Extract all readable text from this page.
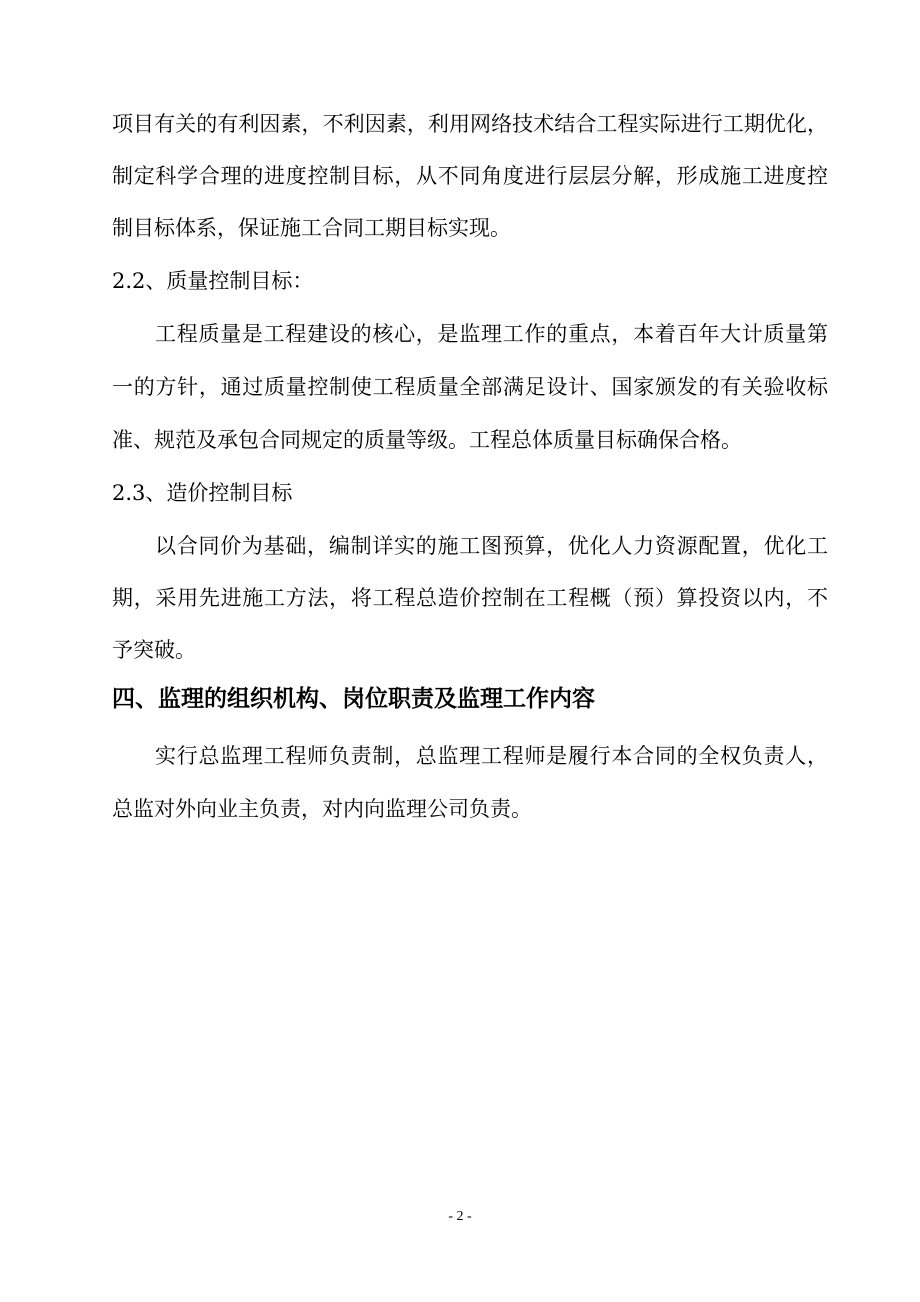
项目有关的有利因素，不利因素，利用网络技术结合工程实际进行工期优化，
制定科学合理的进度控制目标，从不同角度进行层层分解，形成施工进度控
制目标体系，保证施工合同工期目标实现。
2.2、质量控制目标：
工程质量是工程建设的核心，是监理工作的重点，本着百年大计质量第
一的方针，通过质量控制使工程质量全部满足设计、国家颁发的有关验收标
准、规范及承包合同规定的质量等级。工程总体质量目标确保合格。
2.3、造价控制目标
以合同价为基础，编制详实的施工图预算，优化人力资源配置，优化工
期，采用先进施工方法，将工程总造价控制在工程概（预）算投资以内，不
予突破。
四、监理的组织机构、岗位职责及监理工作内容
实行总监理工程师负责制，总监理工程师是履行本合同的全权负责人，
总监对外向业主负责，对内向监理公司负责。
- 2 -
